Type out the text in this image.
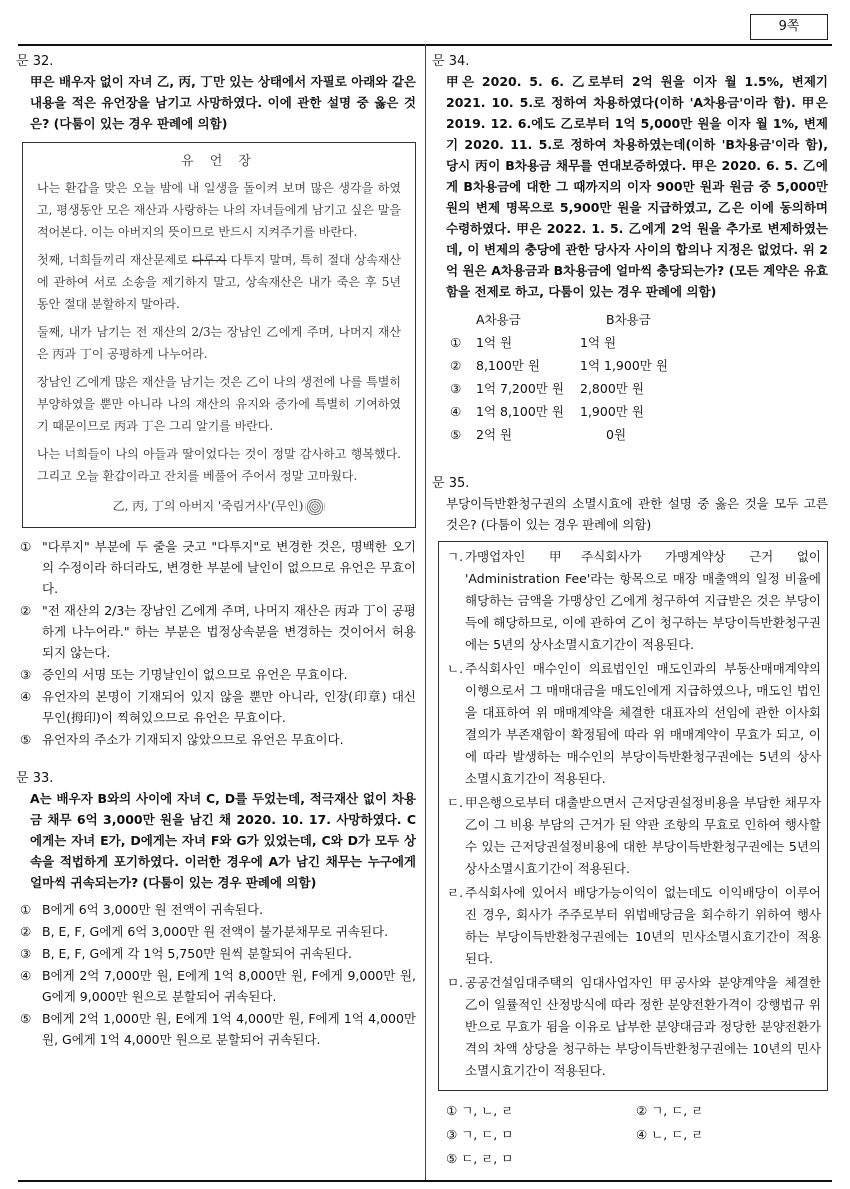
9쪽
문 32.
甲은 배우자 없이 자녀 乙, 丙, 丁만 있는 상태에서 자필로 아래와 같은 내용을 적은 유언장을 남기고 사망하였다. 이에 관한 설명 중 옳은 것은? (다툼이 있는 경우 판례에 의함)
유 언 장

나는 환갑을 맞은 오늘 밤에 내 일생을 돌이켜 보며 많은 생각을 하였고, 평생동안 모은 재산과 사랑하는 나의 자녀들에게 남기고 싶은 말을 적어본다. 이는 아버지의 뜻이므로 반드시 지켜주기를 바란다.

첫째, 너희들끼리 재산문제로 다루지 다투지 말며, 특히 절대 상속재산에 관하여 서로 소송을 제기하지 말고, 상속재산은 내가 죽은 후 5년 동안 절대 분할하지 말아라.

둘째, 내가 남기는 전 재산의 2/3는 장남인 乙에게 주며, 나머지 재산은 丙과 丁이 공평하게 나누어라.

장남인 乙에게 많은 재산을 남기는 것은 乙이 나의 생전에 나를 특별히 부양하였을 뿐만 아니라 나의 재산의 유지와 증가에 특별히 기여하였기 때문이므로 丙과 丁은 그리 알기를 바란다.

나는 너희들이 나의 아들과 딸이었다는 것이 정말 감사하고 행복했다. 그리고 오늘 환갑이라고 잔치를 베풀어 주어서 정말 고마웠다.

乙, 丙, 丁의 아버지 '죽림거사'(무인)
① "다루지" 부분에 두 줄을 긋고 "다투지"로 변경한 것은, 명백한 오기의 수정이라 하더라도, 변경한 부분에 날인이 없으므로 유언은 무효이다.
② "전 재산의 2/3는 장남인 乙에게 주며, 나머지 재산은 丙과 丁이 공평하게 나누어라." 하는 부분은 법정상속분을 변경하는 것이어서 허용되지 않는다.
③ 증인의 서명 또는 기명날인이 없으므로 유언은 무효이다.
④ 유언자의 본명이 기재되어 있지 않을 뿐만 아니라, 인장(印章) 대신 무인(拇印)이 찍혀있으므로 유언은 무효이다.
⑤ 유언자의 주소가 기재되지 않았으므로 유언은 무효이다.
문 33.
A는 배우자 B와의 사이에 자녀 C, D를 두었는데, 적극재산 없이 차용금 채무 6억 3,000만 원을 남긴 채 2020. 10. 17. 사망하였다. C에게는 자녀 E가, D에게는 자녀 F와 G가 있었는데, C와 D가 모두 상속을 적법하게 포기하였다. 이러한 경우에 A가 남긴 채무는 누구에게 얼마씩 귀속되는가? (다툼이 있는 경우 판례에 의함)
① B에게 6억 3,000만 원 전액이 귀속된다.
② B, E, F, G에게 6억 3,000만 원 전액이 불가분채무로 귀속된다.
③ B, E, F, G에게 각 1억 5,750만 원씩 분할되어 귀속된다.
④ B에게 2억 7,000만 원, E에게 1억 8,000만 원, F에게 9,000만 원, G에게 9,000만 원으로 분할되어 귀속된다.
⑤ B에게 2억 1,000만 원, E에게 1억 4,000만 원, F에게 1억 4,000만 원, G에게 1억 4,000만 원으로 분할되어 귀속된다.
문 34.
甲은 2020. 5. 6. 乙로부터 2억 원을 이자 월 1.5%, 변제기 2021. 10. 5.로 정하여 차용하였다(이하 'A차용금'이라 함). 甲은 2019. 12. 6.에도 乙로부터 1억 5,000만 원을 이자 월 1%, 변제기 2020. 11. 5.로 정하여 차용하였는데(이하 'B차용금'이라 함), 당시 丙이 B차용금 채무를 연대보증하였다. 甲은 2020. 6. 5. 乙에게 B차용금에 대한 그 때까지의 이자 900만 원과 원금 중 5,000만 원의 변제 명목으로 5,900만 원을 지급하였고, 乙은 이에 동의하며 수령하였다. 甲은 2022. 1. 5. 乙에게 2억 원을 추가로 변제하였는데, 이 변제의 충당에 관한 당사자 사이의 합의나 지정은 없었다. 위 2억 원은 A차용금과 B차용금에 얼마씩 충당되는가? (모든 계약은 유효함을 전제로 하고, 다툼이 있는 경우 판례에 의함)
A차용금	B차용금
① 1억 원	1억 원
② 8,100만 원	1억 1,900만 원
③ 1억 7,200만 원	2,800만 원
④ 1억 8,100만 원	1,900만 원
⑤ 2억 원	0원
문 35.
부당이득반환청구권의 소멸시효에 관한 설명 중 옳은 것을 모두 고른 것은? (다툼이 있는 경우 판례에 의함)
ㄱ. 가맹업자인 甲주식회사가 가맹계약상 근거 없이 'Administration Fee'라는 항목으로 매장 매출액의 일정 비율에 해당하는 금액을 가맹상인 乙에게 청구하여 지급받은 것은 부당이득에 해당하므로, 이에 관하여 乙이 청구하는 부당이득반환청구권에는 5년의 상사소멸시효기간이 적용된다.
ㄴ. 주식회사인 매수인이 의료법인인 매도인과의 부동산매매계약의 이행으로서 그 매매대금을 매도인에게 지급하였으나, 매도인 법인을 대표하여 위 매매계약을 체결한 대표자의 선임에 관한 이사회 결의가 부존재함이 확정됨에 따라 위 매매계약이 무효가 되고, 이에 따라 발생하는 매수인의 부당이득반환청구권에는 5년의 상사소멸시효기간이 적용된다.
ㄷ. 甲은행으로부터 대출받으면서 근저당권설정비용을 부담한 채무자 乙이 그 비용 부담의 근거가 된 약관 조항의 무효로 인하여 행사할 수 있는 근저당권설정비용에 대한 부당이득반환청구권에는 5년의 상사소멸시효기간이 적용된다.
ㄹ. 주식회사에 있어서 배당가능이익이 없는데도 이익배당이 이루어진 경우, 회사가 주주로부터 위법배당금을 회수하기 위하여 행사하는 부당이득반환청구권에는 10년의 민사소멸시효기간이 적용된다.
ㅁ. 공공건설임대주택의 임대사업자인 甲공사와 분양계약을 체결한 乙이 일률적인 산정방식에 따라 정한 분양전환가격이 강행법규 위반으로 무효가 됨을 이유로 납부한 분양대금과 정당한 분양전환가격의 차액 상당을 청구하는 부당이득반환청구권에는 10년의 민사소멸시효기간이 적용된다.
① ㄱ, ㄴ, ㄹ	② ㄱ, ㄷ, ㄹ
③ ㄱ, ㄷ, ㅁ	④ ㄴ, ㄷ, ㄹ
⑤ ㄷ, ㄹ, ㅁ
